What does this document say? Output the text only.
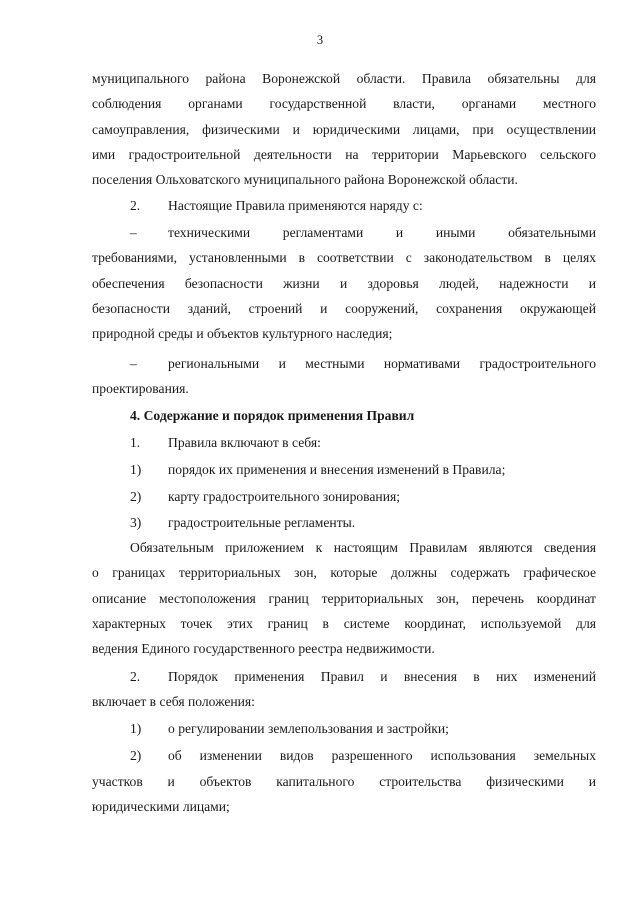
3
муниципального района Воронежской области. Правила обязательны для
соблюдения органами государственной власти, органами местного
самоуправления, физическими и юридическими лицами, при осуществлении
ими градостроительной деятельности на территории Марьевского сельского
поселения Ольховатского муниципального района Воронежской области.
2.	Настоящие Правила применяются наряду с:
–	техническими регламентами и иными обязательными
требованиями, установленными в соответствии с законодательством в целях
обеспечения безопасности жизни и здоровья людей, надежности и
безопасности зданий, строений и сооружений, сохранения окружающей
природной среды и объектов культурного наследия;
–	региональными и местными нормативами градостроительного
проектирования.
4. Содержание и порядок применения Правил
1.	Правила включают в себя:
1)	порядок их применения и внесения изменений в Правила;
2)	карту градостроительного зонирования;
3)	градостроительные регламенты.
Обязательным приложением к настоящим Правилам являются сведения
о границах территориальных зон, которые должны содержать графическое
описание местоположения границ территориальных зон, перечень координат
характерных точек этих границ в системе координат, используемой для
ведения Единого государственного реестра недвижимости.
2.	Порядок применения Правил и внесения в них изменений
включает в себя положения:
1)	о регулировании землепользования и застройки;
2)	об изменении видов разрешенного использования земельных
участков и объектов капитального строительства физическими и
юридическими лицами;
